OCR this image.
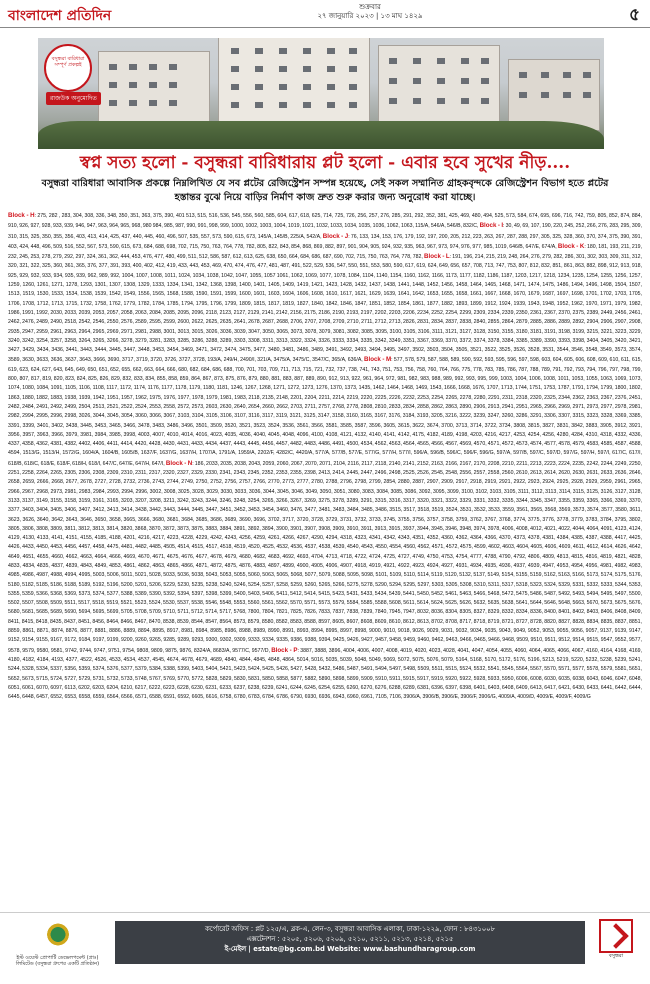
বাংলাদেশ প্রতিদিন
শুক্রবার
২৭ জানুয়ারি ২০২৩ | ১৩ মাঘ ১৪২৯	৫
বসুন্ধরা বারিধারা
সম্পূর্ণ প্রকল্পই
রাজউক অনুমোদিত
স্বপ্ন সত্য হলো - বসুন্ধরা বারিধারায় প্লট হলো - এবার হবে সুখের নীড়....
বসুন্ধরা বারিধারা আবাসিক প্রকল্পে নিম্নলিখিত যে সব প্লটের রেজিস্ট্রেশন সম্পন্ন হয়েছে, সেই সকল সম্মানিত গ্রাহকবৃন্দকে রেজিস্ট্রেশন বিভাগ হতে প্লটের হস্তান্তর বুঝে নিয়ে বাড়ির নির্মাণ কাজ দ্রুত শুরু করার জন্য অনুরোধ করা যাচ্ছে।
Block - H: 275, 282 , 283, 304, 308, 336, 348, 350, 351, 363, 375, 390, 401 513, 515, 516, 536, 545, 556, 560, 585, 604, 617, 618, 625, 714, 725, 726, 256, 257, 276, 285, 291, 292, 352, 381, 425, 469, 480, 494, 525, 573, 584, 674, 695, 696, 716, 742, 759, 805, 852, 874, 884, 910, 926, 927, 928, 933, 939, 946, 947, 963, 964, 965, 968, 980 984, 985, 987, 990, 991, 998, 999, 1000, 1002, 1003, 1004, 1019, 1021, 1032, 1033, 1034, 1035, 1036, 1062, 1063, 115/A, 546/A, 546/B, 832/C, Block - I: 30, 49, 69, 107, 190, 220, 245, 252, 266, 276, 283, 295, 309, 310, 315, 325, 350, 355, 356, 403, 413, 414, 425, 437, 440, 445, 460, 496, 507, 535, 557, 573, 590, 615, 673, 145/A, 145/B, 225/A, 542/A, Block - J: 76, 133, 134, 153, 176, 179, 192, 197, 200, 205, 212, 223, 263, 267, 287, 288, 297, 305, 325, 328, 360, 370, 374, 375, 390, 391, 403, 424, 448, 496, 509, 516, 552, 567, 573, 590, 615, 673, 684, 688, 698, 702, 715, 750, 763, 764, 778, 782, 805, 822, 843, 854, 868, 869, 882, 897, 901, 904, 905, 924, 932, 935, 963, 967, 973, 974, 976, 977, 985, 1019, 646/B, 647/E, 674/A, Block - K: 180, 181, 193, 211, 219, 232, 245, 253, 278, 279, 292, 297, 324, 361, 362, 444, 453, 476, 477, 480, 499, 511, 512, 586, 587, 612, 613, 625, 638, 650, 664, 684, 686, 687, 690, 702, 715, 750, 763, 764, 778, 782, Block - L: 191, 196, 214, 215, 219, 248, 264, 276, 279, 282, 286, 301, 302, 303, 309, 311, 312, 320, 321, 322, 325, 360, 361, 365, 376, 377, 391, 393, 400, 402, 412, 419, 433, 443, 453, 469, 470, 474, 476, 477, 481, 487, 491, 522, 529, 536, 547, 550, 551, 553, 580, 590, 617, 619, 624, 649, 656, 657, 708, 713, 747, 753, 807, 812, 832, 851, 861, 863, 882, 898, 912, 913, 918, 925, 929, 932, 933, 934, 935, 939, 962, 989, 992, 1004, 1007, 1008, 1011, 1024, 1034, 1038, 1042, 1047, 1055, 1057 1061, 1062, 1069, 1077, 1078, 1084, 1104, 1140, 1154, 1160, 1162, 1166, 1173, 1177, 1182, 1186, 1187, 1203, 1217, 1218, 1234, 1235, 1254, 1255, 1256, 1257, 1259, 1260, 1261, 1271, 1278, 1293, 1301, 1307, 1308, 1329, 1333, 1334, 1341, 1342, 1368, 1398, 1400, 1401, 1405, 1409, 1419, 1421, 1423, 1428, 1432, 1437, 1438, 1441, 1448, 1452, 1456, 1458, 1464, 1465, 1468, 1471, 1474, 1475, 1486, 1494, 1496, 1498, 1504, 1507, 1513, 1519, 1530, 1533, 1534, 1538, 1539, 1542, 1549, 1556, 1565, 1568, 1588, 1590, 1591, 1599, 1600, 1601, 1603, 1604, 1606, 1608, 1610, 1617, 1621, 1629, 1639, 1641, 1642, 1653, 1655, 1658, 1661, 1667, 1668, 1670, 1679, 1687, 1697, 1698, 1701, 1702, 1703, 1705, 1706, 1708, 1712, 1713, 1715, 1732, 1758, 1762, 1779, 1782, 1784, 1785, 1794, 1795, 1796, 1799, 1809, 1815, 1817, 1819, 1827, 1840, 1842, 1846, 1847, 1851, 1852, 1854, 1861, 1877, 1882, 1893, 1899, 1912, 1924, 1939, 1943, 1948, 1952, 1962, 1970, 1971, 1979, 1982, 1986, 1991, 1992, 2030, 2033, 2039, 2053, 2057, 2058, 2063, 2084, 2085, 2095, 2096, 2118, 2123, 2127, 2129, 2141, 2142, 2156, 2175, 2186, 2190, 2193, 2197, 2202, 2203, 2206, 2234, 2252, 2254, 2299, 2309, 2334, 2339, 2350, 2361, 2367, 2370, 2375, 2389, 2449, 2456, 2461, 2462, 2476, 2489, 2490, 2518, 2542, 2546, 2550, 2576, 2589, 2595, 2599, 2600, 2622, 2625, 2635, 2641, 2678, 2687, 2688, 2706, 2707, 2708, 2709, 2710, 2711, 2712, 2713, 2826, 2831, 2834, 2837, 2838, 2840, 2855, 2864, 2879, 2885, 2886, 2889, 2892, 2904, 2906, 2907, 2908, 2935, 2947, 2959, 2961, 2963, 2964, 2965, 2969, 2971, 2981, 2988, 3001, 3013, 3015, 3026, 3036, 3039, 3047, 3050, 3065, 3073, 3078, 3079, 3081, 3082, 3085, 3095, 3100, 3105, 3106, 3111, 3121, 3127, 3128, 3150, 3155, 3180, 3181, 3191, 3198, 3199, 3215, 3221, 3223, 3229, 3240, 3242, 3254, 3257, 3258, 3264, 3265, 3266, 3278, 3279, 3281, 3283, 3285, 3286, 3288, 3289, 3303, 3308, 3311, 3313, 3322, 3324, 3326, 3333, 3334, 3335, 3342, 3349, 3351, 3367, 3369, 3370, 3372, 3374, 3378, 3384, 3385, 3389, 3390, 3393, 3398, 3404, 3405, 3420, 3421, 3427, 3429, 3434, 3436, 3441, 3443, 3444, 3445, 3447, 3448, 3453, 3454, 3469, 3471, 3472, 3474, 3475, 3477, 3480, 3481, 3486, 3489, 3491, 3492, 3493, 3494, 3495, 3497, 3502, 3503, 3504, 3505, 3521, 3522, 3525, 3526, 3528, 3531, 3544, 3546, 3548, 3549, 3573, 3574, 3589, 3630, 3633, 3636, 3637, 3643, 3666, 3690, 3717, 3719, 3720, 3726, 3727, 3728, 193/A, 249/H, 2490/I, 321/A, 3475/A, 3475/C, 3547/C, 365/A, 636/A, Block - M: 577, 578, 579, 587, 588, 589, 590, 592, 593, 595, 596, 597, 598, 603, 604, 605, 606, 608, 609, 610, 611, 615, 619, 623, 624, 627, 643, 645, 649, 650, 651, 652, 655, 662, 663, 664, 666, 680, 682, 684, 686, 688, 700, 701, 703, 709, 711, 713, 715, 721, 732, 737, 738, 741, 743, 751, 753, 756, 758, 760, 764, 766, 775, 778, 783, 785, 786, 787, 788, 789, 791, 792, 793, 794, 796, 797, 798, 799, 800, 807, 817, 819, 820, 823, 824, 825, 826, 829, 832, 833, 834, 855, 858, 859, 864, 867, 873, 875, 876, 879, 880, 881, 883, 887, 889, 890, 912, 913, 922, 961, 964, 972, 981, 982, 983, 988, 989, 992, 993, 995, 999, 1003, 1004, 1006, 1008, 1011, 1053, 1055, 1063, 1069, 1073, 1074, 1080, 1084, 1091, 1105, 1106, 1108, 1117, 1172, 1174, 1176, 1177, 1178, 1179, 1180, 1181, 1246, 1267, 1268, 1271, 1272, 1273, 1276, 1370, 1373, 1435, 1462, 1464, 1468, 1469, 1543, 1666, 1668, 1676, 1707, 1713, 1744, 1751, 1753, 1787, 1791, 1794, 1799, 1800, 1802, 1863, 1880, 1882, 1883, 1938, 1939, 1942, 1951, 1957, 1962, 1975, 1976, 1977, 1978, 1979, 1981, 1983, 2118, 2135, 2148, 2201, 2204, 2211, 2214, 2219, 2220, 2225, 2226, 2232, 2253, 2254, 2265, 2278, 2280, 2291, 2311, 2318, 2320, 2325, 2344, 2362, 2363, 2367, 2376, 2451, 2482, 2484, 2491, 2492, 2499, 2504, 2513, 2521, 2522, 2524, 2553, 2558, 2572, 2573, 2603, 2630, 2640, 2654, 2660, 2662, 2703, 2711, 2757, 2768, 2778, 2808, 2810, 2833, 2834, 2858, 2862, 2863, 2890, 2906, 2913, 2941, 2951, 2965, 2966, 2969, 2971, 2973, 2977, 2978, 2981, 2982, 2994, 2995, 2996, 2998, 3026, 3044, 3045, 3054, 3060, 3066, 3067, 3103, 3104, 3105, 3106, 3107, 3116, 3117, 3119, 3121, 3125, 3147, 3158, 3160, 3165, 3167, 3176, 3184, 3193, 3205, 3216, 3222, 3239, 3247, 3260, 3286, 3291, 3306, 3307, 3315, 3323, 3328, 3369, 3385, 3391, 3399, 3401, 3402, 3438, 3445, 3453, 3465, 3466, 3478, 3483, 3486, 3496, 3501, 3509, 3520, 3521, 3523, 3524, 3536, 3561, 3566, 3581, 3585, 3587, 3596, 3605, 3615, 3622, 3674, 3700, 3713, 3714, 3722, 3734, 3808, 3815, 3827, 3831, 3842, 3883, 3905, 3912, 3921, 3956, 3957, 3963, 3966, 3979, 3981, 3984, 3985, 3998, 4003, 4007, 4010, 4014, 4016, 4023, 4035, 4036, 4040, 4045, 4048, 4096, 4100, 4108, 4121, 4132, 4140, 4141, 4142, 4175, 4182, 4189, 4198, 4203, 4216, 4217, 4253, 4254, 4256, 4280, 4284, 4310, 4318, 4332, 4336, 4337, 4358, 4362, 4381, 4382, 4402, 4406, 4411, 4414, 4420, 4428, 4430, 4431, 4433, 4434, 4437, 4443, 4445, 4456, 4457, 4482, 4483, 4486, 4491, 4500, 4534, 4562, 4563, 4564, 4565, 4566, 4567, 4569, 4570, 4571, 4572, 4573, 4574, 4577, 4578, 4579, 4583, 4585, 4587, 4588, 4594, 1513/G, 1513/H, 1572/G, 1604/A, 1604/B, 1605/B, 1637/F, 1637/G, 1637/H, 1707/A, 1791/A, 1959/A, 2202/F, 4282/C, 4420/A, 577/A, 577/B, 577/E, 577/G, 577/H, 577/I, 596/A, 596/B, 596/C, 596/F, 596/G, 597/A, 597/B, 597/C, 597/D, 597/G, 597/H, 597/I, 617/C, 617/I, 618/B, 618/C, 618/E, 618/F, 618/H, 618/I, 647/C, 647/E, 647/H, 647/I, Block - N: 186, 2033, 2035, 2038, 2043, 2059, 2060, 2067, 2070, 2071, 2104, 2116, 2117, 2118, 2140, 2141, 2152, 2163, 2166, 2167, 2170, 2208, 2210, 2211, 2213, 2223, 2224, 2235, 2242, 2244, 2249, 2250, 2251, 2258, 2264, 2265, 2305, 2306, 2308, 2309, 2310, 2311, 2317, 2320, 2327, 2329, 2330, 2341, 2343, 2345, 2352, 2353, 2355, 2398, 2413, 2414, 2445, 2447, 2496, 2498, 2525, 2526, 2545, 2548, 2556, 2557, 2558, 2560, 2610, 2613, 2614, 2620, 2630, 2631, 2633, 2636, 2646, 2658, 2659, 2666, 2668, 2677, 2678, 2727, 2728, 2732, 2736, 2743, 2744, 2749, 2750, 2752, 2756, 2757, 2766, 2770, 2773, 2777, 2780, 2788, 2796, 2798, 2799, 2854, 2880, 2887, 2907, 2909, 2917, 2918, 2919, 2921, 2922, 2923, 2924, 2925, 2928, 2929, 2959, 2961, 2965, 2966, 2967, 2968, 2973, 2981, 2983, 2984, 2993, 2994, 2996, 3002, 3008, 3025, 3028, 3029, 3030, 3033, 3036, 3044, 3045, 3046, 3049, 3050, 3051, 3080, 3083, 3084, 3085, 3086, 3092, 3095, 3099, 3100, 3102, 3103, 3105, 3111, 3112, 3113, 3114, 3115, 3125, 3126, 3127, 3128, 3133, 3137, 3149, 3155, 3158, 3159, 3161, 3165, 3203, 3207, 3208, 3211, 3242, 3243, 3244, 3246, 3248, 3254, 3265, 3266, 3267, 3269, 3275, 3278, 3289, 3291, 3315, 3316, 3317, 3320, 3321, 3322, 3329, 3331, 3332, 3335, 3344, 3345, 3347, 3355, 3359, 3365, 3366, 3369, 3370, 3377, 3403, 3404, 3405, 3406, 3407, 3412, 3413, 3414, 3438, 3442, 3443, 3444, 3445, 3447, 3451, 3452, 3453, 3454, 3460, 3476, 3477, 3481, 3483, 3484, 3485, 3486, 3515, 3517, 3518, 3519, 3524, 3531, 3532, 3533, 3559, 3561, 3565, 3568, 3569, 3573, 3574, 3577, 3580, 3611, 3623, 3626, 3640, 3642, 3643, 3646, 3650, 3658, 3665, 3666, 3680, 3681, 3684, 3685, 3686, 3689, 3690, 3696, 3702, 3717, 3720, 3728, 3729, 3731, 3732, 3733, 3745, 3755, 3756, 3757, 3758, 3759, 3762, 3767, 3768, 3774, 3775, 3776, 3778, 3779, 3783, 3784, 3795, 3802, 3805, 3806, 3808, 3809, 3811, 3812, 3813, 3814, 3820, 3868, 3870, 3872, 3873, 3875, 3883, 3884, 3891, 3892, 3894, 3900, 3901, 3907, 3908, 3909, 3910, 3911, 3913, 3915, 3937, 3944, 3945, 3946, 3948, 3974, 3978, 4006, 4008, 4012, 4021, 4022, 4044, 4064, 4091, 4123, 4124, 4129, 4130, 4133, 4141, 4151, 4155, 4185, 4188, 4201, 4216, 4217, 4223, 4228, 4229, 4242, 4243, 4256, 4259, 4261, 4266, 4267, 4290, 4294, 4318, 4323, 4341, 4342, 4343, 4351, 4352, 4360, 4362, 4364, 4366, 4370, 4373, 4378, 4381, 4384, 4385, 4387, 4388, 4417, 4425, 4426, 4433, 4450, 4453, 4456, 4457, 4458, 4475, 4481, 4482, 4485, 4505, 4514, 4515, 4517, 4518, 4519, 4520, 4525, 4532, 4536, 4537, 4538, 4539, 4540, 4543, 4550, 4554, 4560, 4562, 4571, 4572, 4575, 4599, 4602, 4603, 4604, 4605, 4606, 4609, 4611, 4612, 4614, 4626, 4642, 4649, 4651, 4655, 4660, 4662, 4663, 4664, 4666, 4669, 4670, 4671, 4675, 4676, 4677, 4678, 4679, 4680, 4682, 4683, 4692, 4693, 4704, 4713, 4718, 4722, 4724, 4725, 4727, 4749, 4750, 4753, 4754, 4777, 4788, 4790, 4792, 4806, 4809, 4813, 4815, 4816, 4819, 4821, 4828, 4833, 4834, 4835, 4837, 4839, 4843, 4849, 4853, 4861, 4862, 4863, 4865, 4866, 4871, 4872, 4875, 4876, 4883, 4897, 4899, 4900, 4905, 4906, 4907, 4918, 4919, 4921, 4922, 4923, 4924, 4927, 4931, 4934, 4935, 4936, 4937, 4939, 4947, 4953, 4954, 4956, 4981, 4982, 4983, 4985, 4986, 4987, 4988, 4994, 4995, 5003, 5006, 5011, 5021, 5028, 5033, 5036, 5038, 5043, 5053, 5055, 5060, 5063, 5065, 5068, 5077, 5079, 5088, 5095, 5098, 5101, 5109, 5110, 5114, 5119, 5120, 5132, 5137, 5149, 5154, 5155, 5159, 5162, 5163, 5166, 5173, 5174, 5175, 5176, 5180, 5182, 5185, 5186, 5188, 5189, 5192, 5196, 5200, 5201, 5206, 5229, 5230, 5235, 5238, 5240, 5246, 5254, 5257, 5258, 5259, 5260, 5265, 5266, 5275, 5278, 5290, 5294, 5295, 5297, 5303, 5305, 5308, 5310, 5311, 5317, 5318, 5323, 5324, 5329, 5331, 5332, 5333, 5344, 5353, 5355, 5359, 5366, 5368, 5369, 5373, 5374, 5377, 5388, 5389, 5390, 5392, 5394, 5397, 5398, 5399, 5400, 5403, 5406, 5411, 5412, 5414, 5415, 5423, 5431, 5433, 5434, 5439, 5441, 5450, 5452, 5461, 5463, 5466, 5468, 5472, 5475, 5486, 5487, 5492, 5493, 5494, 5495, 5497, 5500, 5502, 5507, 5508, 5509, 5511, 5517, 5518, 5519, 5521, 5523, 5524, 5530, 5537, 5538, 5546, 5548, 5553, 5560, 5561, 5562, 5570, 5571, 5573, 5579, 5584, 5585, 5588, 5608, 5611, 5614, 5624, 5625, 5626, 5632, 5635, 5638, 5641, 5644, 5646, 5648, 5663, 5670, 5673, 5675, 5676, 5680, 5681, 5685, 5689, 5690, 5694, 5695, 5699, 5705, 5708, 5709, 5710, 5711, 5712, 5714, 5717, 5768, 7800, 7804, 7821, 7825, 7826, 7833, 7837, 7838, 7839, 7840, 7945, 7947, 8032, 8036, 8304, 8305, 8327, 8329, 8332, 8334, 8336, 8400, 8401, 8402, 8403, 8406, 8408, 8409, 8411, 8415, 8418, 8435, 8437, 8451, 8456, 8464, 8466, 8467, 8470, 8538, 8539, 8544, 8547, 8564, 8573, 8579, 8580, 8582, 8583, 8588, 8597, 8605, 8607, 8608, 8609, 8610, 8612, 8613, 8702, 8708, 8717, 8718, 8719, 8721, 8727, 8728, 8820, 8827, 8828, 8834, 8835, 8837, 8851, 8859, 8861, 8871, 8874, 8876, 8877, 8881, 8886, 8889, 8894, 8895, 8917, 8981, 8984, 8985, 8986, 8988, 8989, 8990, 8991, 8993, 8994, 8995, 8997, 8998, 9000, 9010, 9018, 9026, 9029, 9031, 9032, 9034, 9035, 9043, 9049, 9052, 9053, 9055, 9056, 9057, 9137, 9139, 9147, 9152, 9154, 9155, 9167, 9172, 9184, 9197, 9199, 9200, 9260, 9265, 9285, 9289, 9293, 9300, 9302, 9309, 9333, 9334, 9335, 9386, 9388, 9394, 9425, 9426, 9427, 9457, 9458, 9459, 9460, 9462, 9463, 9466, 9465, 9466, 9468, 9509, 9510, 9511, 9512, 9514, 9515, 9547, 9552, 9577, 9578, 9579, 9580, 9581, 9742, 9744, 9747, 9751, 9754, 9808, 9809, 9875, 9876, 8324/A, 8683/A, 9577/C, 9577/D, Block - P: 3887, 3888, 3896, 4004, 4006, 4007, 4008, 4019, 4020, 4023, 4028, 4041, 4047, 4054, 4055, 4060, 4064, 4065, 4066, 4067, 4160, 4164, 4168, 4169, 4180, 4182, 4184, 4193, 4377, 4522, 4526, 4533, 4534, 4537, 4545, 4674, 4678, 4679, 4689, 4840, 4844, 4845, 4848, 4864, 5014, 5016, 5035, 5039, 5048, 5049, 5069, 5072, 5075, 5076, 5079, 5164, 5168, 5170, 5172, 5176, 5196, 5213, 5219, 5220, 5232, 5238, 5239, 5241, 5244, 5328, 5334, 5337, 5356, 5359, 5374, 5376, 5377, 5379, 5384, 5388, 5399, 5403, 5404, 5421, 5423, 5424, 5425, 5426, 5427, 5428, 5432, 5486, 5487, 5491, 5494, 5497, 5498, 5509, 5511, 5515, 5524, 5532, 5541, 5545, 5564, 5567, 5570, 5571, 5577, 5578, 5579, 5581, 5651, 5652, 5673, 5715, 5724, 5727, 5729, 5731, 5732, 5733, 5748, 5767, 5769, 5770, 5772, 5828, 5829, 5830, 5831, 5850, 5858, 5877, 5882, 5890, 5898, 5899, 5909, 5910, 5911, 5915, 5917, 5919, 5920, 5922, 5928, 5933, 5950, 6006, 6008, 6030, 6035, 6038, 6043, 6046, 6047, 6048, 6051, 6061, 6070, 6097, 6113, 6202, 6203, 6204, 6210, 6217, 6222, 6223, 6228, 6230, 6231, 6233, 6237, 6238, 6239, 6241, 6244, 6245, 6254, 6255, 6260, 6270, 6276, 6288, 6289, 6381, 6396, 6397, 6398, 6401, 6403, 6408, 6409, 6413, 6417, 6421, 6430, 6433, 6441, 6442, 6444, 6445, 6448, 6457, 6552, 6553, 6558, 6559, 6564, 6566, 6571, 6588, 6591, 6592, 6605, 6616, 6758, 6780, 6783, 6784, 6786, 6790, 6930, 6936, 6943, 6960, 6961, 7105, 7106, 3906/A, 3906/B, 3906/E, 3906/F, 3906/G, 4009/A, 4009/D, 4009/E, 4009/F, 4009/G
ইস্ট ওয়েস্ট প্রোপার্টি ডেভেলপমেন্ট (প্রাঃ) লিমিটেড (বসুন্ধরা গ্রুপের একটি প্রতিষ্ঠান)
কর্পোরেট অফিস : প্লট ১২৫/এ, ব্লক-এ, লেন-৩, বসুন্ধরা আবাসিক এলাকা, ঢাকা-১২২৯, ফোন : ৮৪৩১০০৮
এক্সটেনশন : ৫২০৫, ৫২০৬, ৫২০৯, ৫২১০, ৫২১১, ৫২১৩, ৫২১৪, ৫২১৫
ই-মেইল | estate@bg.com.bd Website: www.bashundharagroup.com
বসুন্ধরা
